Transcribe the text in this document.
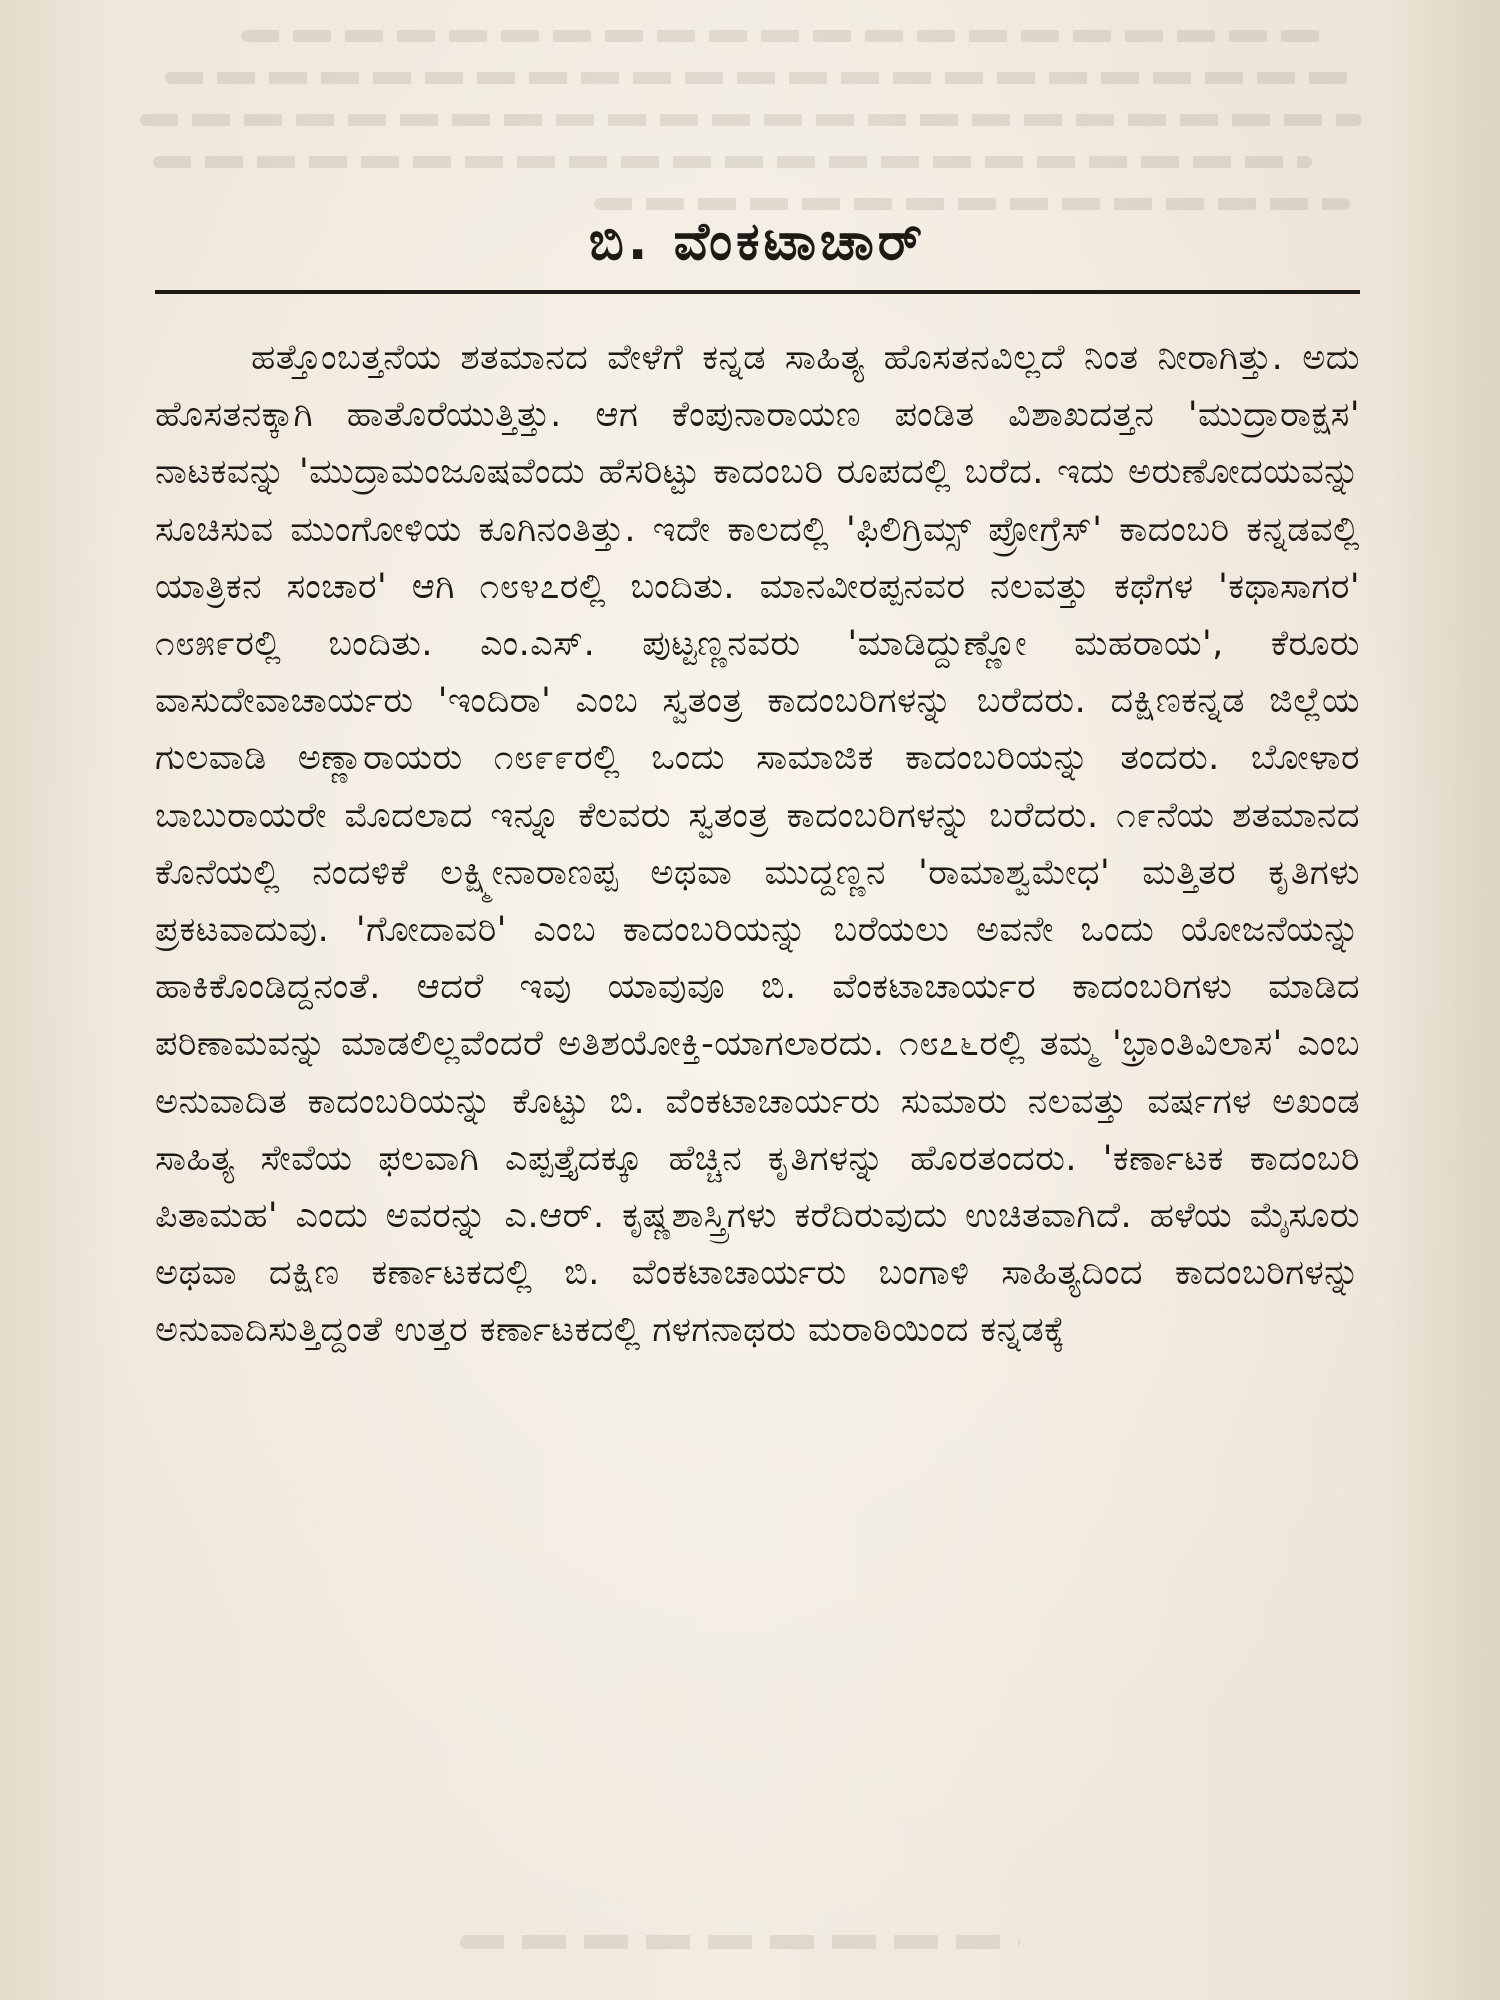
ಬಿ. ವೆಂಕಟಾಚಾರ್

ಹತ್ತೊಂಬತ್ತನೆಯ ಶತಮಾನದ ವೇಳೆಗೆ ಕನ್ನಡ ಸಾಹಿತ್ಯ ಹೊಸತನವಿಲ್ಲದೆ ನಿಂತ ನೀರಾಗಿತ್ತು. ಅದು ಹೊಸತನಕ್ಕಾಗಿ ಹಾತೊರೆಯುತ್ತಿತ್ತು. ಆಗ ಕೆಂಪುನಾರಾಯಣ ಪಂಡಿತ ವಿಶಾಖದತ್ತನ 'ಮುದ್ರಾರಾಕ್ಷಸ' ನಾಟಕವನ್ನು 'ಮುದ್ರಾಮಂಜೂಷವೆಂದು ಹೆಸರಿಟ್ಟು ಕಾದಂಬರಿ ರೂಪದಲ್ಲಿ ಬರೆದ. ಇದು ಅರುಣೋದಯವನ್ನು ಸೂಚಿಸುವ ಮುಂಗೋಳಿಯ ಕೂಗಿನಂತಿತ್ತು. ಇದೇ ಕಾಲದಲ್ಲಿ 'ಫಿಲಿಗ್ರಿಮ್ಸ್ ಪ್ರೋಗ್ರೆಸ್' ಕಾದಂಬರಿ ಕನ್ನಡವಲ್ಲಿ ಯಾತ್ರಿಕನ ಸಂಚಾರ' ಆಗಿ ೧೮೪೭ರಲ್ಲಿ ಬಂದಿತು. ಮಾನವೀರಪ್ಪನವರ ನಲವತ್ತು ಕಥೆಗಳ 'ಕಥಾಸಾಗರ' ೧೮೫೯ರಲ್ಲಿ ಬಂದಿತು. ಎಂ.ಎಸ್. ಪುಟ್ಟಣ್ಣನವರು 'ಮಾಡಿದ್ದುಣ್ಣೋ ಮಹರಾಯ', ಕೆರೂರು ವಾಸುದೇವಾಚಾರ್ಯರು 'ಇಂದಿರಾ' ಎಂಬ ಸ್ವತಂತ್ರ ಕಾದಂಬರಿಗಳನ್ನು ಬರೆದರು. ದಕ್ಷಿಣಕನ್ನಡ ಜಿಲ್ಲೆಯ ಗುಲವಾಡಿ ಅಣ್ಣಾರಾಯರು ೧೮೯೯ರಲ್ಲಿ ಒಂದು ಸಾಮಾಜಿಕ ಕಾದಂಬರಿಯನ್ನು ತಂದರು. ಬೋಳಾರ ಬಾಬುರಾಯರೇ ಮೊದಲಾದ ಇನ್ನೂ ಕೆಲವರು ಸ್ವತಂತ್ರ ಕಾದಂಬರಿಗಳನ್ನು ಬರೆದರು. ೧೯ನೆಯ ಶತಮಾನದ ಕೊನೆಯಲ್ಲಿ ನಂದಳಿಕೆ ಲಕ್ಷ್ಮೀನಾರಾಣಪ್ಪ ಅಥವಾ ಮುದ್ದಣ್ಣನ 'ರಾಮಾಶ್ವಮೇಧ' ಮತ್ತಿತರ ಕೃತಿಗಳು ಪ್ರಕಟವಾದುವು. 'ಗೋದಾವರಿ' ಎಂಬ ಕಾದಂಬರಿಯನ್ನು ಬರೆಯಲು ಅವನೇ ಒಂದು ಯೋಜನೆಯನ್ನು ಹಾಕಿಕೊಂಡಿದ್ದನಂತೆ. ಆದರೆ ಇವು ಯಾವುವೂ ಬಿ. ವೆಂಕಟಾಚಾರ್ಯರ ಕಾದಂಬರಿಗಳು ಮಾಡಿದ ಪರಿಣಾಮವನ್ನು ಮಾಡಲಿಲ್ಲವೆಂದರೆ ಅತಿಶಯೋಕ್ತಿ-ಯಾಗಲಾರದು. ೧೮೭೬ರಲ್ಲಿ ತಮ್ಮ 'ಭ್ರಾಂತಿವಿಲಾಸ' ಎಂಬ ಅನುವಾದಿತ ಕಾದಂಬರಿಯನ್ನು ಕೊಟ್ಟು ಬಿ. ವೆಂಕಟಾಚಾರ್ಯರು ಸುಮಾರು ನಲವತ್ತು ವರ್ಷಗಳ ಅಖಂಡ ಸಾಹಿತ್ಯ ಸೇವೆಯ ಫಲವಾಗಿ ಎಪ್ಪತ್ತೈದಕ್ಕೂ ಹೆಚ್ಚಿನ ಕೃತಿಗಳನ್ನು ಹೊರತಂದರು. 'ಕರ್ಣಾಟಕ ಕಾದಂಬರಿ ಪಿತಾಮಹ' ಎಂದು ಅವರನ್ನು ಎ.ಆರ್. ಕೃಷ್ಣಶಾಸ್ತ್ರಿಗಳು ಕರೆದಿರುವುದು ಉಚಿತವಾಗಿದೆ. ಹಳೆಯ ಮೈಸೂರು ಅಥವಾ ದಕ್ಷಿಣ ಕರ್ಣಾಟಕದಲ್ಲಿ ಬಿ. ವೆಂಕಟಾಚಾರ್ಯರು ಬಂಗಾಳಿ ಸಾಹಿತ್ಯದಿಂದ ಕಾದಂಬರಿಗಳನ್ನು ಅನುವಾದಿಸುತ್ತಿದ್ದಂತೆ ಉತ್ತರ ಕರ್ಣಾಟಕದಲ್ಲಿ ಗಳಗನಾಥರು ಮರಾಠಿಯಿಂದ ಕನ್ನಡಕ್ಕೆ
